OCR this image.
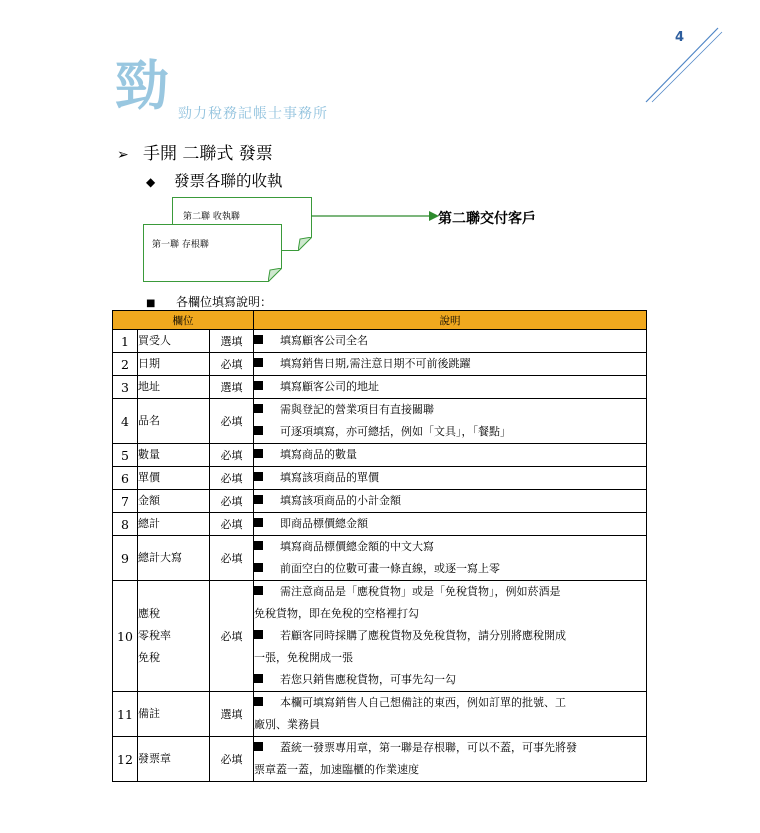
4
勁 勁力稅務記帳士事務所
➢ 手開 二聯式 發票
◆ 發票各聯的收執
第二聯 收執聯
第一聯 存根聯
第二聯交付客戶
■ 各欄位填寫說明：
欄位			說明
1	買受人	選填	填寫顧客公司全名

2	日期	必填	填寫銷售日期,需注意日期不可前後跳躍

3	地址	選填	填寫顧客公司的地址

4	品名	必填	需與登記的營業項目有直接關聯
可逐項填寫，亦可總括，例如「文具」，「餐點」

5	數量	必填	填寫商品的數量

6	單價	必填	填寫該項商品的單價

7	金額	必填	填寫該項商品的小計金額

8	總計	必填	即商品標價總金額

9	總計大寫	必填	填寫商品標價總金額的中文大寫
前面空白的位數可畫一條直線，或逐一寫上零

10	應稅
零稅率
免稅	必填	需注意商品是「應稅貨物」或是「免稅貨物」，例如菸酒是
免稅貨物，即在免稅的空格裡打勾
若顧客同時採購了應稅貨物及免稅貨物，請分別將應稅開成
一張，免稅開成一張
若您只銷售應稅貨物，可事先勾一勾

11	備註	選填	本欄可填寫銷售人自己想備註的東西，例如訂單的批號、工
廠別、業務員

12	發票章	必填	蓋統一發票專用章，第一聯是存根聯，可以不蓋，可事先將發
票章蓋一蓋，加速臨櫃的作業速度
